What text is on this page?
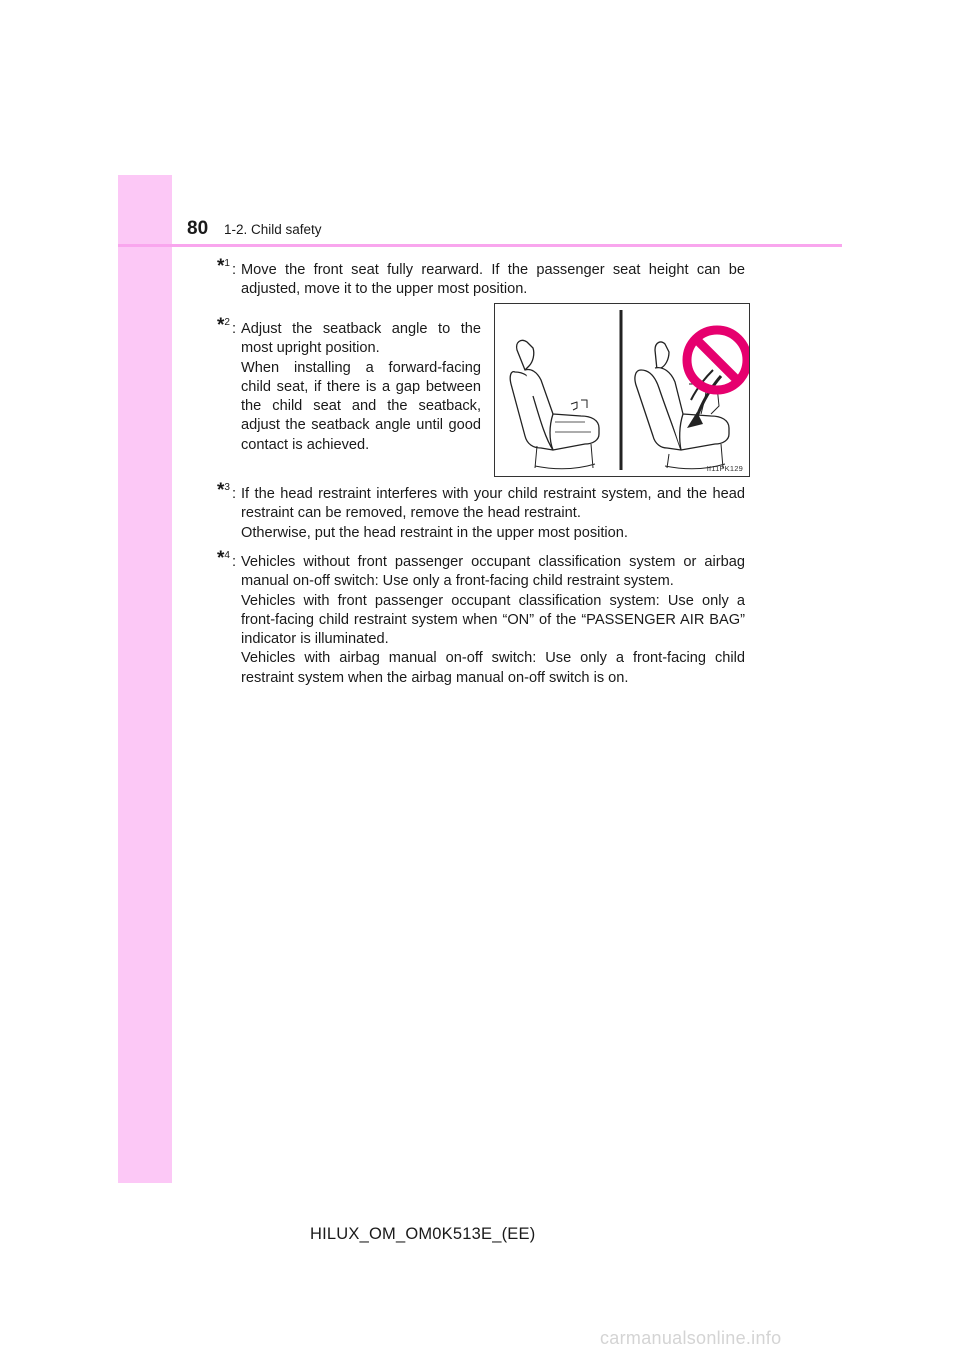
80 1-2. Child safety
*$^1$ : Move the front seat fully rearward. If the passenger seat height can be adjusted, move it to the upper most position.

*$^2$ : Adjust the seatback angle to the most upright position.

When installing a forward-facing child seat, if there is a gap between the child seat and the seatback, adjust the seatback angle until good contact is achieved.

II11PK129
*$^3$ : If the head restraint interferes with your child restraint system, and the head restraint can be removed, remove the head restraint.

Otherwise, put the head restraint in the upper most position.

*$^4$ : Vehicles without front passenger occupant classification system or airbag manual on-off switch: Use only a front-facing child restraint system.

Vehicles with front passenger occupant classification system: Use only a front-facing child restraint system when “ON” of the “PASSENGER AIR BAG” indicator is illuminated.

Vehicles with airbag manual on-off switch: Use only a front-facing child restraint system when the airbag manual on-off switch is on.

HILUX_OM_OM0K513E_(EE)
carmanualsonline.info
